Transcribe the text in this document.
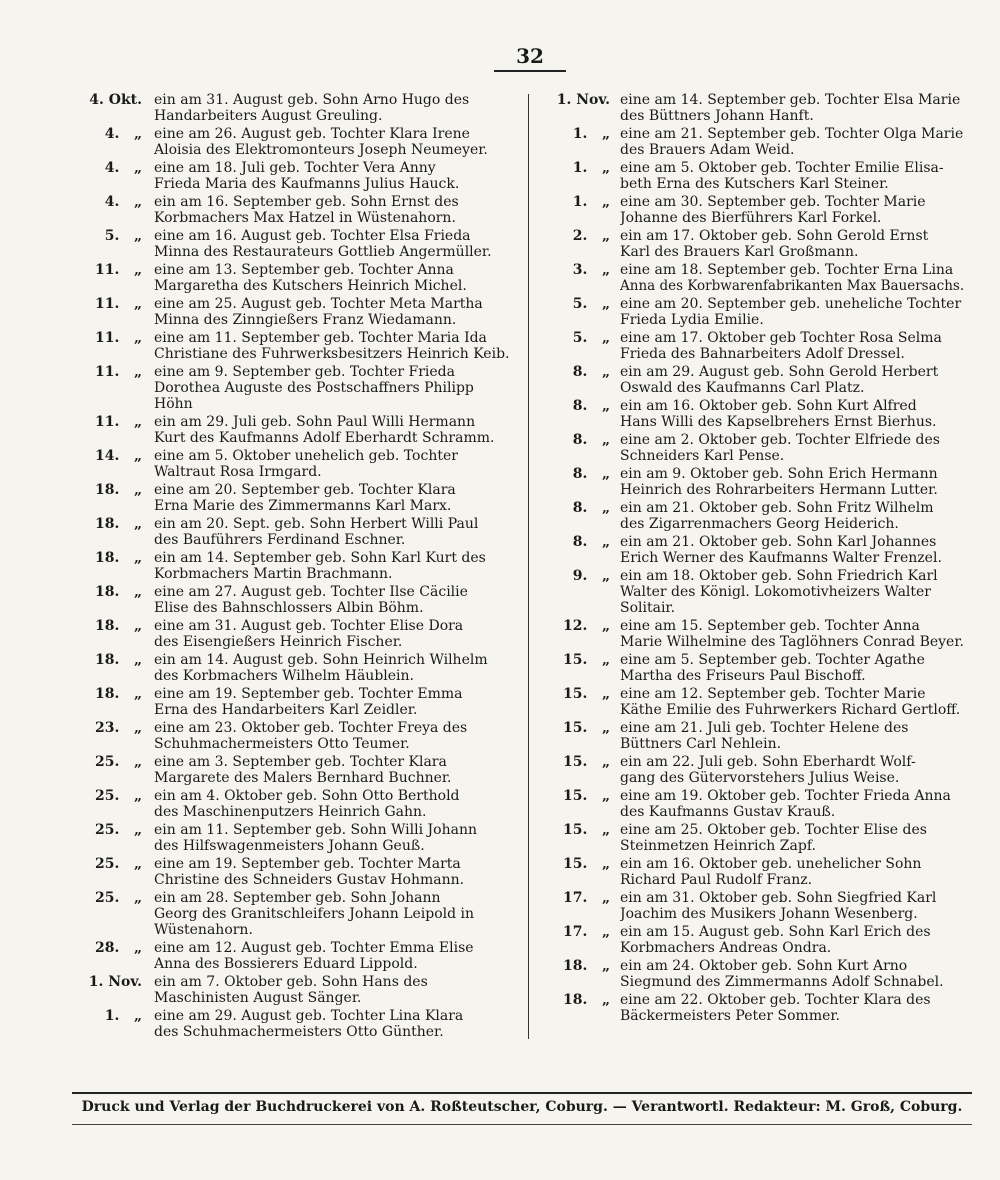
32
4. Okt. ein am 31. August geb. Sohn Arno Hugo des
Handarbeiters August Greuling.
4.   „ eine am 26. August geb. Tochter Klara Irene
Aloisia des Elektromonteurs Joseph Neumeyer.
4.   „ eine am 18. Juli geb. Tochter Vera Anny
Frieda Maria des Kaufmanns Julius Hauck.
4.   „ ein am 16. September geb. Sohn Ernst des
Korbmachers Max Hatzel in Wüstenahorn.
5.   „ eine am 16. August geb. Tochter Elsa Frieda
Minna des Restaurateurs Gottlieb Angermüller.
11.   „ eine am 13. September geb. Tochter Anna
Margaretha des Kutschers Heinrich Michel.
11.   „ eine am 25. August geb. Tochter Meta Martha
Minna des Zinngießers Franz Wiedamann.
11.   „ eine am 11. September geb. Tochter Maria Ida
Christiane des Fuhrwerksbesitzers Heinrich Keib.
11.   „ eine am 9. September geb. Tochter Frieda
Dorothea Auguste des Postschaffners Philipp
Höhn
11.   „ ein am 29. Juli geb. Sohn Paul Willi Hermann
Kurt des Kaufmanns Adolf Eberhardt Schramm.
14.   „ eine am 5. Oktober unehelich geb. Tochter
Waltraut Rosa Irmgard.
18.   „ eine am 20. September geb. Tochter Klara
Erna Marie des Zimmermanns Karl Marx.
18.   „ ein am 20. Sept. geb. Sohn Herbert Willi Paul
des Bauführers Ferdinand Eschner.
18.   „ ein am 14. September geb. Sohn Karl Kurt des
Korbmachers Martin Brachmann.
18.   „ eine am 27. August geb. Tochter Ilse Cäcilie
Elise des Bahnschlossers Albin Böhm.
18.   „ eine am 31. August geb. Tochter Elise Dora
des Eisengießers Heinrich Fischer.
18.   „ ein am 14. August geb. Sohn Heinrich Wilhelm
des Korbmachers Wilhelm Häublein.
18.   „ eine am 19. September geb. Tochter Emma
Erna des Handarbeiters Karl Zeidler.
23.   „ eine am 23. Oktober geb. Tochter Freya des
Schuhmachermeisters Otto Teumer.
25.   „ eine am 3. September geb. Tochter Klara
Margarete des Malers Bernhard Buchner.
25.   „ ein am 4. Oktober geb. Sohn Otto Berthold
des Maschinenputzers Heinrich Gahn.
25.   „ ein am 11. September geb. Sohn Willi Johann
des Hilfswagenmeisters Johann Geuß.
25.   „ eine am 19. September geb. Tochter Marta
Christine des Schneiders Gustav Hohmann.
25.   „ ein am 28. September geb. Sohn Johann
Georg des Granitschleifers Johann Leipold in
Wüstenahorn.
28.   „ eine am 12. August geb. Tochter Emma Elise
Anna des Bossierers Eduard Lippold.
1. Nov. ein am 7. Oktober geb. Sohn Hans des
Maschinisten August Sänger.
1.   „ eine am 29. August geb. Tochter Lina Klara
des Schuhmachermeisters Otto Günther.
1. Nov. eine am 14. September geb. Tochter Elsa Marie
des Büttners Johann Hanft.
1.   „ eine am 21. September geb. Tochter Olga Marie
des Brauers Adam Weid.
1.   „ eine am 5. Oktober geb. Tochter Emilie Elisa-
beth Erna des Kutschers Karl Steiner.
1.   „ eine am 30. September geb. Tochter Marie
Johanne des Bierführers Karl Forkel.
2.   „ ein am 17. Oktober geb. Sohn Gerold Ernst
Karl des Brauers Karl Großmann.
3.   „ eine am 18. September geb. Tochter Erna Lina
Anna des Korbwarenfabrikanten Max Bauersachs.
5.   „ eine am 20. September geb. uneheliche Tochter
Frieda Lydia Emilie.
5.   „ eine am 17. Oktober geb Tochter Rosa Selma
Frieda des Bahnarbeiters Adolf Dressel.
8.   „ ein am 29. August geb. Sohn Gerold Herbert
Oswald des Kaufmanns Carl Platz.
8.   „ ein am 16. Oktober geb. Sohn Kurt Alfred
Hans Willi des Kapselbrehers Ernst Bierhus.
8.   „ eine am 2. Oktober geb. Tochter Elfriede des
Schneiders Karl Pense.
8.   „ ein am 9. Oktober geb. Sohn Erich Hermann
Heinrich des Rohrarbeiters Hermann Lutter.
8.   „ ein am 21. Oktober geb. Sohn Fritz Wilhelm
des Zigarrenmachers Georg Heiderich.
8.   „ ein am 21. Oktober geb. Sohn Karl Johannes
Erich Werner des Kaufmanns Walter Frenzel.
9.   „ ein am 18. Oktober geb. Sohn Friedrich Karl
Walter des Königl. Lokomotivheizers Walter
Solitair.
12.   „ eine am 15. September geb. Tochter Anna
Marie Wilhelmine des Taglöhners Conrad Beyer.
15.   „ eine am 5. September geb. Tochter Agathe
Martha des Friseurs Paul Bischoff.
15.   „ eine am 12. September geb. Tochter Marie
Käthe Emilie des Fuhrwerkers Richard Gertloff.
15.   „ eine am 21. Juli geb. Tochter Helene des
Büttners Carl Nehlein.
15.   „ ein am 22. Juli geb. Sohn Eberhardt Wolf-
gang des Gütervorstehers Julius Weise.
15.   „ eine am 19. Oktober geb. Tochter Frieda Anna
des Kaufmanns Gustav Krauß.
15.   „ eine am 25. Oktober geb. Tochter Elise des
Steinmetzen Heinrich Zapf.
15.   „ ein am 16. Oktober geb. unehelicher Sohn
Richard Paul Rudolf Franz.
17.   „ ein am 31. Oktober geb. Sohn Siegfried Karl
Joachim des Musikers Johann Wesenberg.
17.   „ ein am 15. August geb. Sohn Karl Erich des
Korbmachers Andreas Ondra.
18.   „ ein am 24. Oktober geb. Sohn Kurt Arno
Siegmund des Zimmermanns Adolf Schnabel.
18.   „ eine am 22. Oktober geb. Tochter Klara des
Bäckermeisters Peter Sommer.
Druck und Verlag der Buchdruckerei von A. Roßteutscher, Coburg. — Verantwortl. Redakteur: M. Groß, Coburg.
